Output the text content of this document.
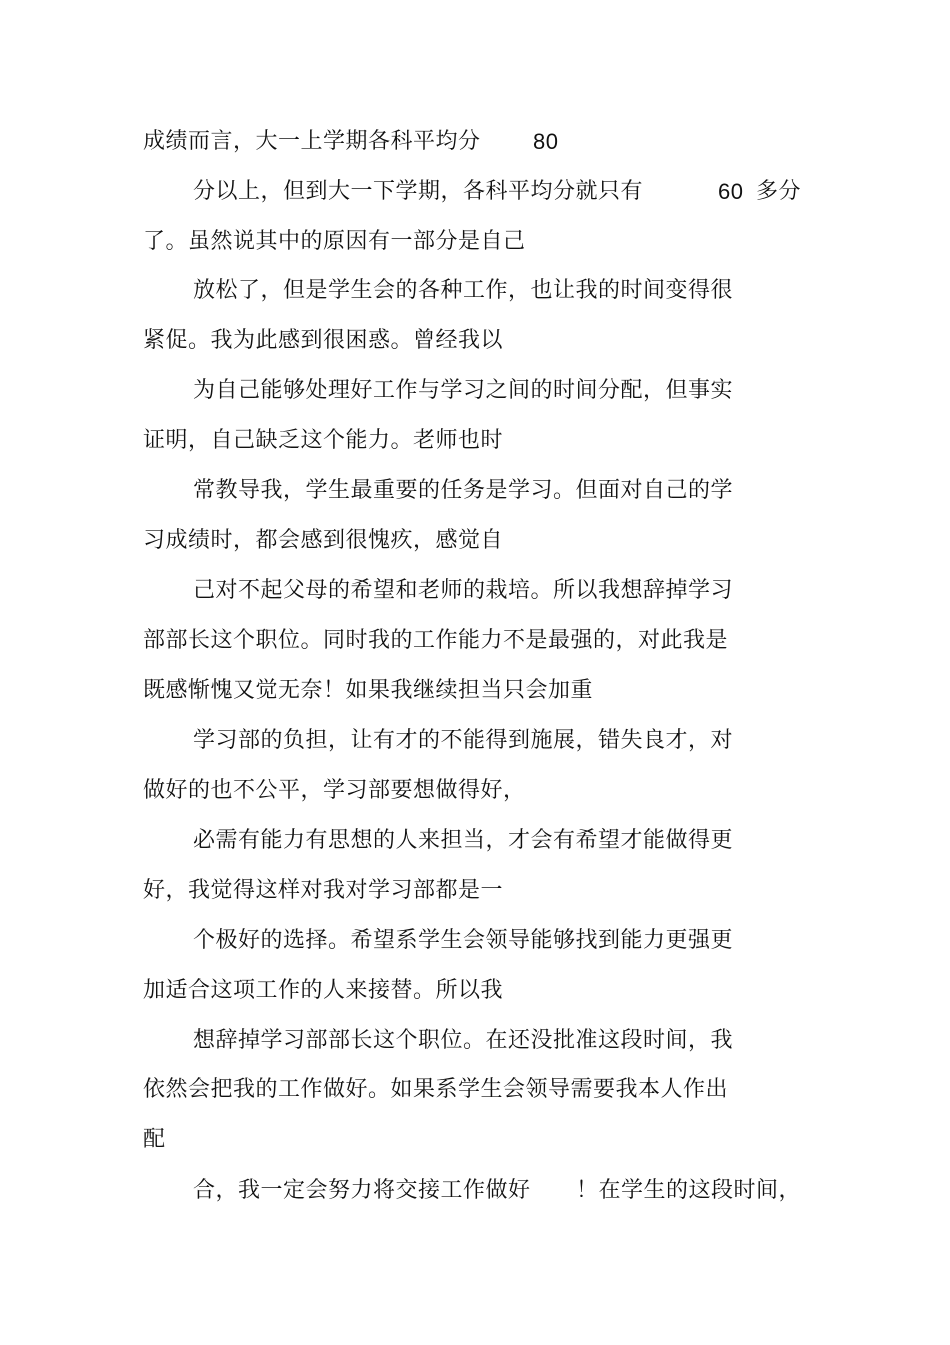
成绩而言，大一上学期各科平均分 80
分以上，但到大一下学期，各科平均分就只有	60 多分
了。虽然说其中的原因有一部分是自己
放松了，但是学生会的各种工作，也让我的时间变得很
紧促。我为此感到很困惑。曾经我以
为自己能够处理好工作与学习之间的时间分配，但事实
证明，自己缺乏这个能力。老师也时
常教导我，学生最重要的任务是学习。但面对自己的学
习成绩时，都会感到很愧疚，感觉自
己对不起父母的希望和老师的栽培。所以我想辞掉学习
部部长这个职位。同时我的工作能力不是最强的，对此我是
既感惭愧又觉无奈！如果我继续担当只会加重
学习部的负担，让有才的不能得到施展，错失良才，对
做好的也不公平，学习部要想做得好，
必需有能力有思想的人来担当，才会有希望才能做得更
好，我觉得这样对我对学习部都是一
个极好的选择。希望系学生会领导能够找到能力更强更
加适合这项工作的人来接替。所以我
想辞掉学习部部长这个职位。在还没批准这段时间，我
依然会把我的工作做好。如果系学生会领导需要我本人作出
配
合，我一定会努力将交接工作做好 ！在学生的这段时间，
